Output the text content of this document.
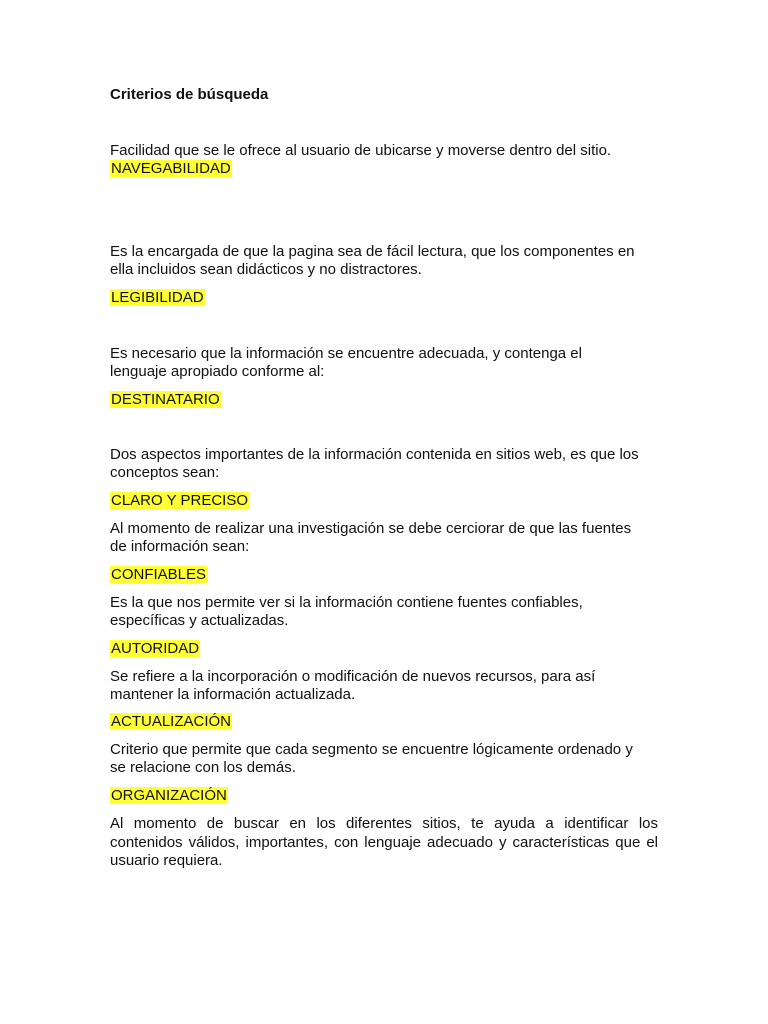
Criterios de búsqueda
Facilidad que se le ofrece al usuario de ubicarse y moverse dentro del sitio.
NAVEGABILIDAD
Es la encargada de que la pagina sea de fácil lectura, que los componentes en
ella incluidos sean didácticos y no distractores.
LEGIBILIDAD
Es necesario que la información se encuentre adecuada, y contenga el
lenguaje apropiado conforme al:
DESTINATARIO
Dos aspectos importantes de la información contenida en sitios web, es que los
conceptos sean:
CLARO Y PRECISO
Al momento de realizar una investigación se debe cerciorar de que las fuentes
de información sean:
CONFIABLES
Es la que nos permite ver si la información contiene fuentes confiables,
específicas y actualizadas.
AUTORIDAD
Se refiere a la incorporación o modificación de nuevos recursos, para así
mantener la información actualizada.
ACTUALIZACIÓN
Criterio que permite que cada segmento se encuentre lógicamente ordenado y
se relacione con los demás.
ORGANIZACIÓN
Al momento de buscar en los diferentes sitios, te ayuda a identificar los contenidos válidos, importantes, con lenguaje adecuado y características que el usuario requiera.
